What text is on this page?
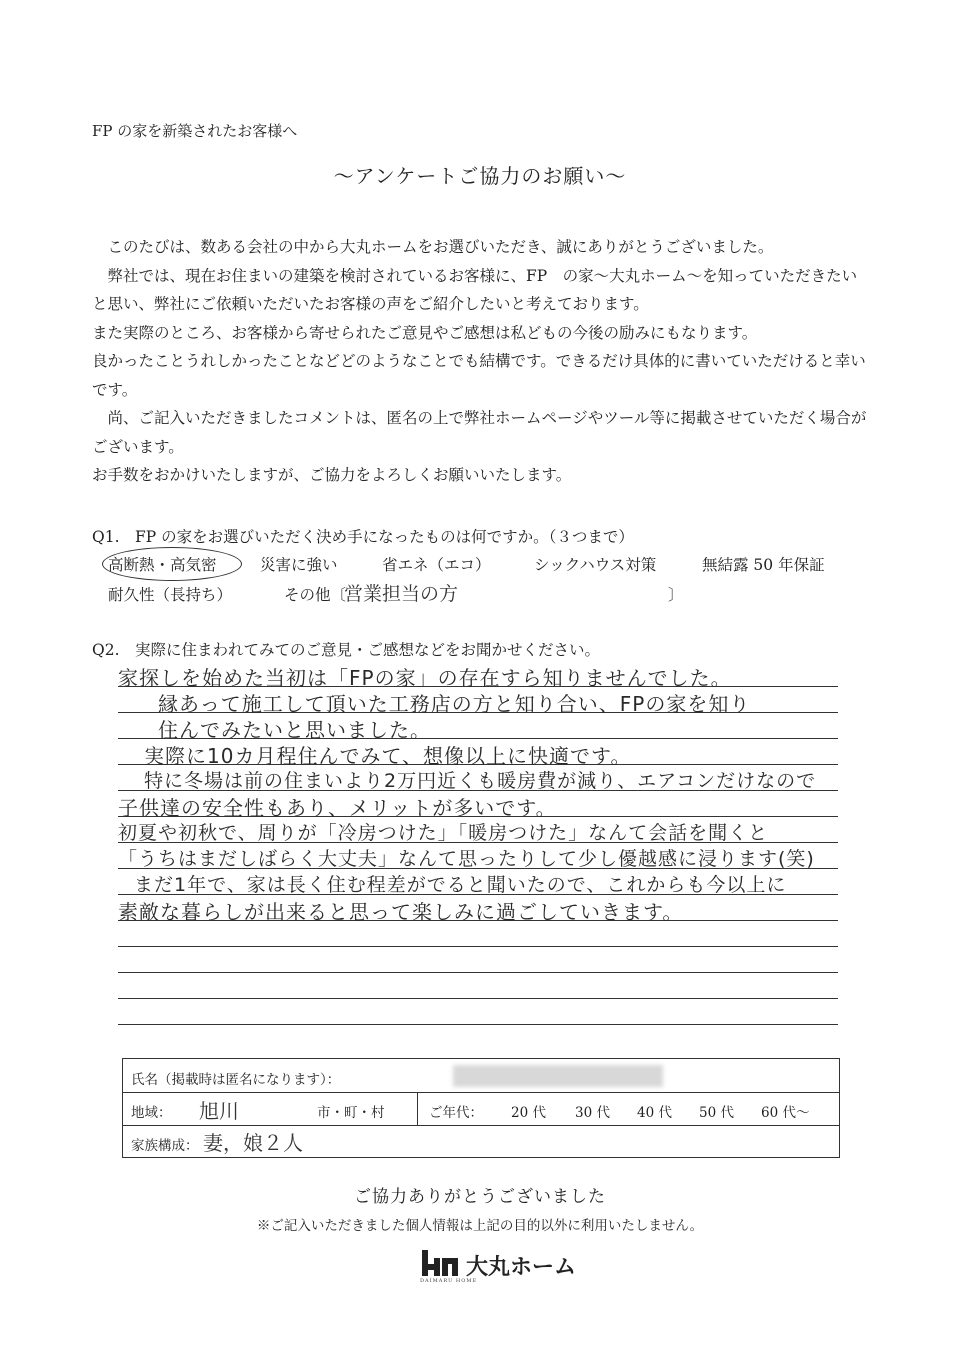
FP の家を新築されたお客様へ
〜アンケートご協力のお願い〜

　このたびは、数ある会社の中から大丸ホームをお選びいただき、誠にありがとうございました。

　弊社では、現在お住まいの建築を検討されているお客様に、FP　の家〜大丸ホーム〜を知っていただきたいと思い、弊社にご依頼いただいたお客様の声をご紹介したいと考えております。

また実際のところ、お客様から寄せられたご意見やご感想は私どもの今後の励みにもなります。

良かったことうれしかったことなどどのようなことでも結構です。できるだけ具体的に書いていただけると幸いです。

　尚、ご記入いただきましたコメントは、匿名の上で弊社ホームページやツール等に掲載させていただく場合がございます。

お手数をおかけいたしますが、ご協力をよろしくお願いいたします。

Q1.　FP の家をお選びいただく決め手になったものは何ですか。（３つまで）
高断熱・高気密	災害に強い	省エネ（エコ）	シックハウス対策	無結露 50 年保証
耐久性（長持ち）	その他〔
営業担当の方	〕
Q2.　実際に住まわれてみてのご意見・ご感想などをお聞かせください。
家探しを始めた当初は「FPの家」の存在すら知りませんでした。
縁あって施工して頂いた工務店の方と知り合い、FPの家を知り
住んでみたいと思いました。
実際に10カ月程住んでみて、想像以上に快適です。
特に冬場は前の住まいより2万円近くも暖房費が減り、エアコンだけなので
子供達の安全性もあり、メリットが多いです。
初夏や初秋で、周りが「冷房つけた」「暖房つけた」なんて会話を聞くと
「うちはまだしばらく大丈夫」なんて思ったりして少し優越感に浸ります(笑)
まだ1年で、家は長く住む程差がでると聞いたので、これからも今以上に
素敵な暮らしが出来ると思って楽しみに過ごしていきます。
氏名（掲載時は匿名になります）：
地域： 旭川	市・町・村	ご年代： 20 代 30 代 40 代 50 代 60 代〜
家族構成： 妻，娘２人
ご協力ありがとうございました
※ご記入いただきました個人情報は上記の目的以外に利用いたしません。
大丸ホーム
DAIMARU HOME
